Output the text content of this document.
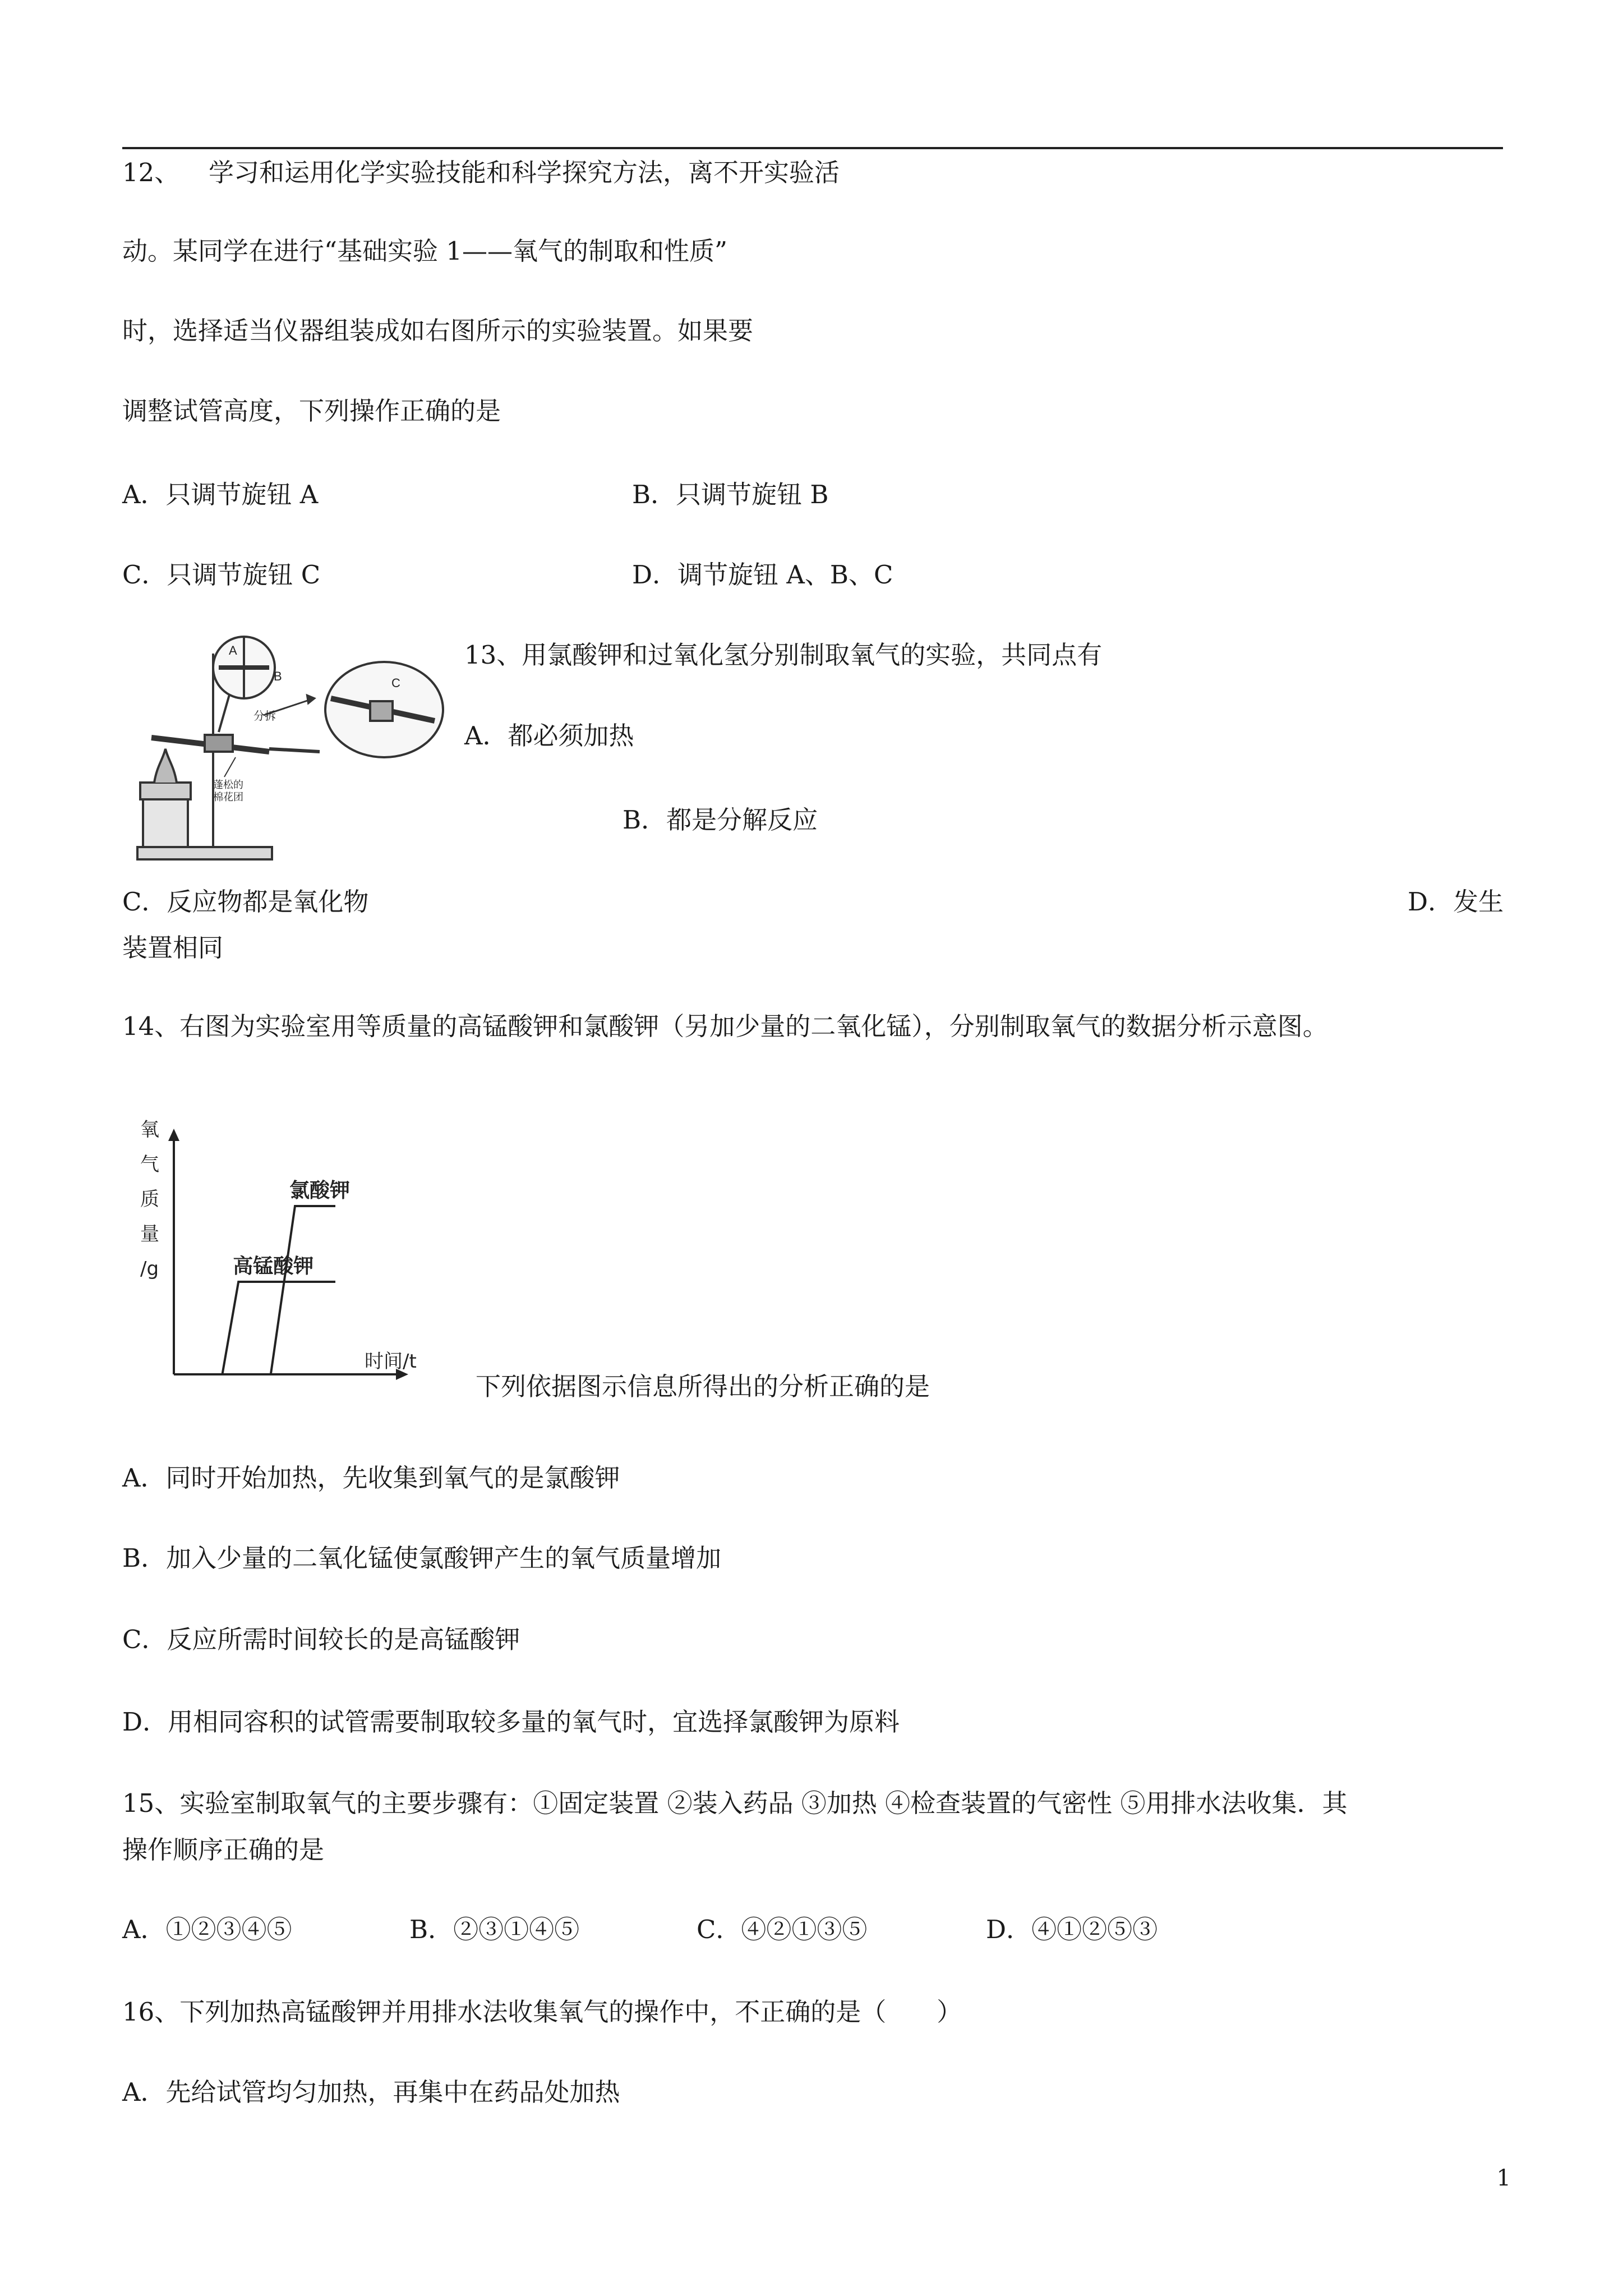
12、 学习和运用化学实验技能和科学探究方法，离不开实验活
动。某同学在进行“基础实验 1——氧气的制取和性质”
时，选择适当仪器组装成如右图所示的实验装置。如果要
调整试管高度，下列操作正确的是
A．只调节旋钮 A	B．只调节旋钮 B
C．只调节旋钮 C	D．调节旋钮 A、B、C
A
B	C
分拆
蓬松的
棉花团
13、用氯酸钾和过氧化氢分别制取氧气的实验，共同点有
A．都必须加热
B．都是分解反应
C．反应物都是氧化物	D．发生
装置相同
14、右图为实验室用等质量的高锰酸钾和氯酸钾（另加少量的二氧化锰），分别制取氧气的数据分析示意图。
氧
气
质
量
/g
时间/t
高锰酸钾
氯酸钾
下列依据图示信息所得出的分析正确的是
A．同时开始加热，先收集到氧气的是氯酸钾
B．加入少量的二氧化锰使氯酸钾产生的氧气质量增加
C．反应所需时间较长的是高锰酸钾
D．用相同容积的试管需要制取较多量的氧气时，宜选择氯酸钾为原料
15、实验室制取氧气的主要步骤有：①固定装置 ②装入药品 ③加热 ④检查装置的气密性 ⑤用排水法收集．其
操作顺序正确的是
A．①②③④⑤	B．②③①④⑤	C．④②①③⑤	D．④①②⑤③
16、下列加热高锰酸钾并用排水法收集氧气的操作中，不正确的是（　　）
A．先给试管均匀加热，再集中在药品处加热
1
